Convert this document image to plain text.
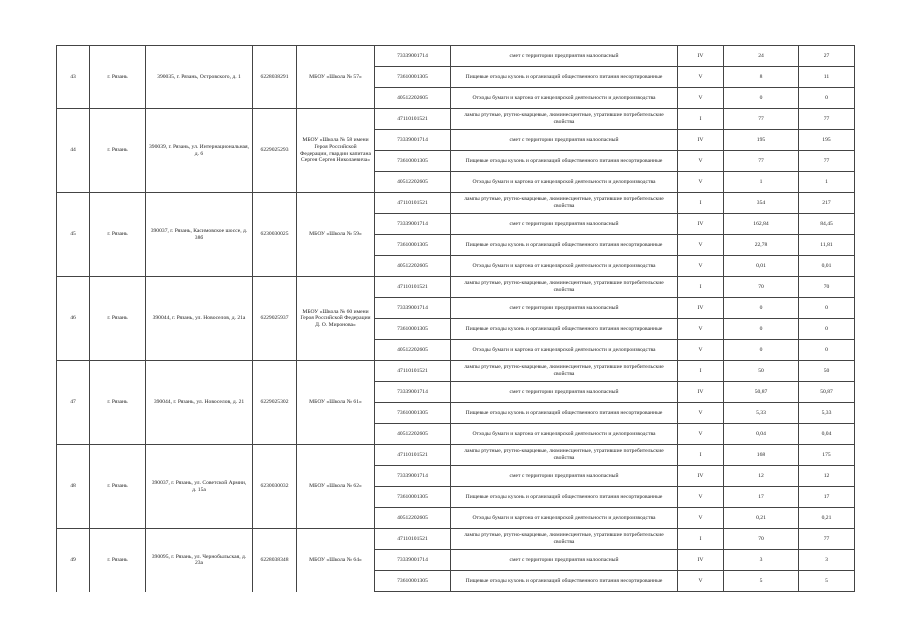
43	г. Рязань	390035, г. Рязань, Островского, д. 1	6228038291	МБОУ «Школа № 57»	73339001714	смет с территории предприятия малоопасный	IV	24	27
					73610001305	Пищевые отходы кухонь и организаций общественного питания несортированные	V	8	11
					40512202605	Отходы бумаги и картона от канцелярской деятельности и делопроизводства	V	0	0
44	г. Рязань	390039, г. Рязань, ул. Интернациональная, д. 6	6229025293	МБОУ «Школа № 58 имени Героя Российской Федерации, гвардии капитана Сергея Сергея Николаевича»	47110101521	лампы ртутные, ртутно-кварцевые, люминесцентные, утратившие потребительские свойства	I	77	77
					73339001714	смет с территории предприятия малоопасный	IV	195	195
					73610001305	Пищевые отходы кухонь и организаций общественного питания несортированные	V	77	77
					40512202605	Отходы бумаги и картона от канцелярской деятельности и делопроизводства	V	1	1
45	г. Рязань	390037, г. Рязань, Касимовское шоссе, д. 38б	6230030025	МБОУ «Школа № 59»	47110101521	лампы ртутные, ртутно-кварцевые, люминесцентные, утратившие потребительские свойства	I	354	217
					73339001714	смет с территории предприятия малоопасный	IV	162,84	84,45
					73610001305	Пищевые отходы кухонь и организаций общественного питания несортированные	V	22,78	11,81
					40512202605	Отходы бумаги и картона от канцелярской деятельности и делопроизводства	V	0,01	0,01
46	г. Рязань	390044, г. Рязань, ул. Новоселов, д. 21а	6229025937	МБОУ «Школа № 60 имени Героя Российской Федерации Д. О. Миронова»	47110101521	лампы ртутные, ртутно-кварцевые, люминесцентные, утратившие потребительские свойства	I	70	70
					73339001714	смет с территории предприятия малоопасный	IV	0	0
					73610001305	Пищевые отходы кухонь и организаций общественного питания несортированные	V	0	0
					40512202605	Отходы бумаги и картона от канцелярской деятельности и делопроизводства	V	0	0
47	г. Рязань	390044, г. Рязань, ул. Новоселов, д. 21	6229025302	МБОУ «Школа № 61»	47110101521	лампы ртутные, ртутно-кварцевые, люминесцентные, утратившие потребительские свойства	I	50	50
					73339001714	смет с территории предприятия малоопасный	IV	50,87	50,87
					73610001305	Пищевые отходы кухонь и организаций общественного питания несортированные	V	5,33	5,33
					40512202605	Отходы бумаги и картона от канцелярской деятельности и делопроизводства	V	0,04	0,04
48	г. Рязань	390037, г. Рязань, ул. Советской Армии, д. 15а	6230030032	МБОУ «Школа № 62»	47110101521	лампы ртутные, ртутно-кварцевые, люминесцентные, утратившие потребительские свойства	I	168	175
					73339001714	смет с территории предприятия малоопасный	IV	12	12
					73610001305	Пищевые отходы кухонь и организаций общественного питания несортированные	V	17	17
					40512202605	Отходы бумаги и картона от канцелярской деятельности и делопроизводства	V	0,21	0,21
49	г. Рязань	390095, г. Рязань, ул. Чернобыльская, д. 23а	6228038348	МБОУ «Школа № 64»	47110101521	лампы ртутные, ртутно-кварцевые, люминесцентные, утратившие потребительские свойства	I	70	77
					73339001714	смет с территории предприятия малоопасный	IV	3	3
					73610001305	Пищевые отходы кухонь и организаций общественного питания несортированные	V	5	5
